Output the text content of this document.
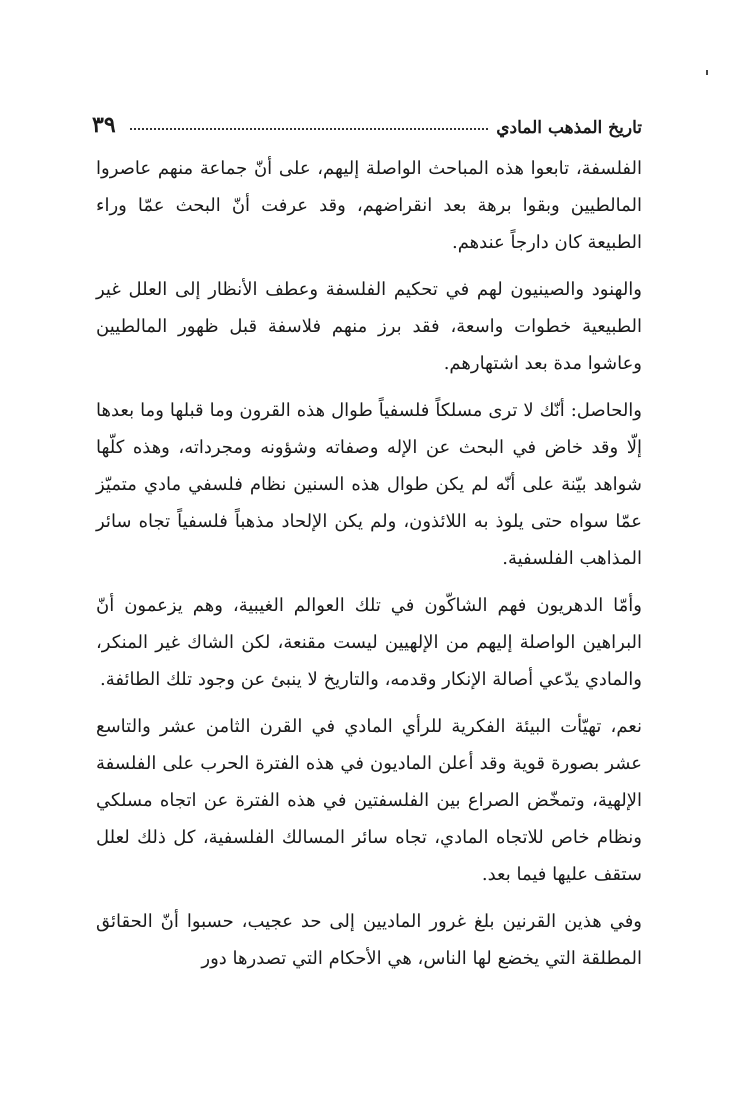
تاريخ المذهب المادي
٣٩

الفلسفة، تابعوا هذه المباحث الواصلة إليهم، على أنّ جماعة منهم عاصروا المالطيين وبقوا برهة بعد انقراضهم، وقد عرفت أنّ البحث عمّا وراء الطبيعة كان دارجاً عندهم.

والهنود والصينيون لهم في تحكيم الفلسفة وعطف الأنظار إلى العلل غير الطبيعية خطوات واسعة، فقد برز منهم فلاسفة قبل ظهور المالطيين وعاشوا مدة بعد اشتهارهم.

والحاصل: أنّك لا ترى مسلكاً فلسفياً طوال هذه القرون وما قبلها وما بعدها إلّا وقد خاض في البحث عن الإله وصفاته وشؤونه ومجرداته، وهذه كلّها شواهد بيّنة على أنّه لم يكن طوال هذه السنين نظام فلسفي مادي متميّز عمّا سواه حتى يلوذ به اللائذون، ولم يكن الإلحاد مذهباً فلسفياً تجاه سائر المذاهب الفلسفية.

وأمّا الدهريون فهم الشاكّون في تلك العوالم الغيبية، وهم يزعمون أنّ البراهين الواصلة إليهم من الإلهيين ليست مقنعة، لكن الشاك غير المنكر، والمادي يدّعي أصالة الإنكار وقدمه، والتاريخ لا ينبئ عن وجود تلك الطائفة.

نعم، تهيّأت البيئة الفكرية للرأي المادي في القرن الثامن عشر والتاسع عشر بصورة قوية وقد أعلن الماديون في هذه الفترة الحرب على الفلسفة الإلهية، وتمخّض الصراع بين الفلسفتين في هذه الفترة عن اتجاه مسلكي ونظام خاص للاتجاه المادي، تجاه سائر المسالك الفلسفية، كل ذلك لعلل ستقف عليها فيما بعد.

وفي هذين القرنين بلغ غرور الماديين إلى حد عجيب، حسبوا أنّ الحقائق المطلقة التي يخضع لها الناس، هي الأحكام التي تصدرها دور
